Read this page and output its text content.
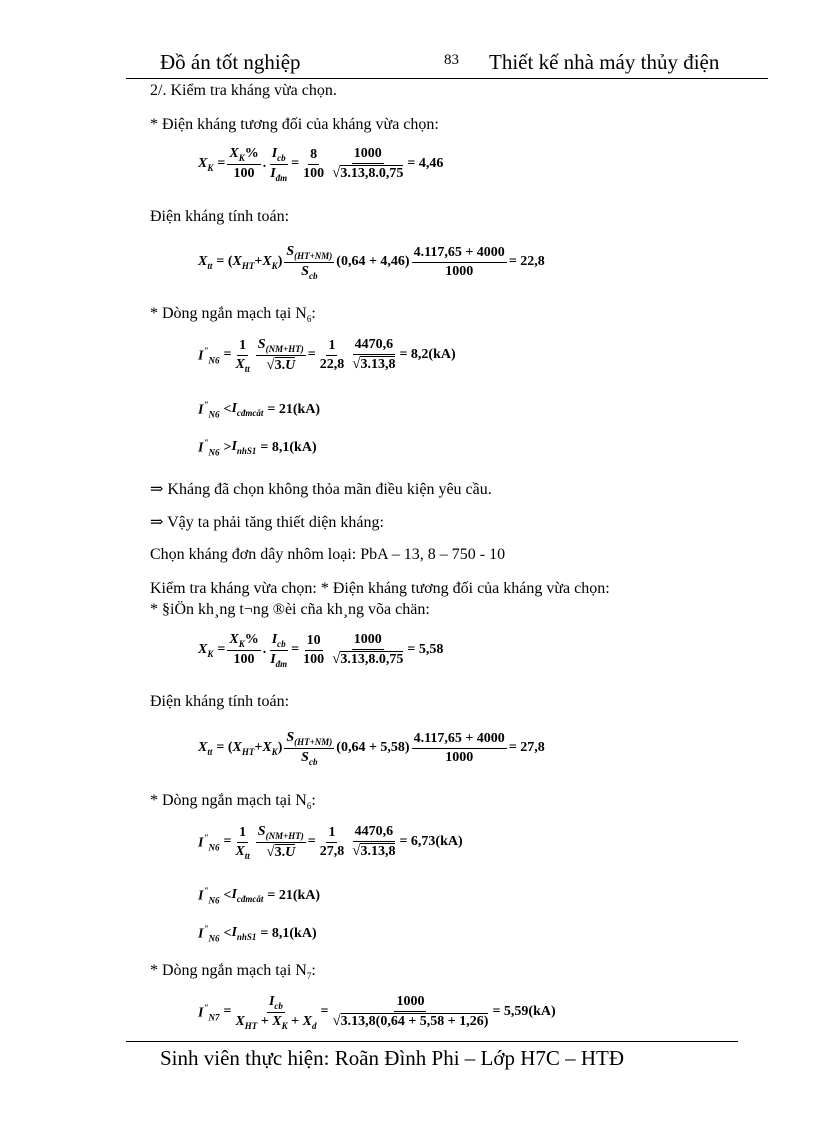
Đồ án tốt nghiệp	83 Thiết kế nhà máy thủy điện
2/. Kiểm tra kháng vừa chọn.
* Điện kháng tương đối của kháng vừa chọn:
$X_K = \frac{X_K\%}{100}$ . $\frac{I_{cb}}{I_{đm}} = \frac{8}{100} \frac{1000}{√ 3.13,8.0,75} = 4,46$
Điện kháng tính toán:
$X_{tt}$ = ( $X_{HT} + X_K$ ) $\frac{S_{(HT+NM)}}{S_{cb}} (0,64 + 4,46) \frac{4.117,65 + 4000}{1000} = 22,8$
* Dòng ngắn mạch tại $N_6$:
$I^"_{N6} = \frac{1}{X_{tt}} \frac{S_{(NM+HT)}}{√ 3.U} = \frac{1}{22,8} \frac{4470,6}{√ 3.13,8} = 8,2(kA)$
$I^"_{N6} < I_{cđmcắt} = 21(kA)$
$I^"_{N6} > I_{nhS1} = 8,1(kA)$
⇒ Kháng đã chọn không thỏa mãn điều kiện yêu cầu.
⇒ Vậy ta phải tăng thiết diện kháng:
Chọn kháng đơn dây nhôm loại: PbA – 13, 8 – 750 - 10
Kiểm tra kháng vừa chọn: * Điện kháng tương đối của kháng vừa chọn:
* §iÖn kh¸ng t¬ng ®èi cña kh¸ng võa chän:
$X_K = \frac{X_K\%}{100}$ . $\frac{I_{cb}}{I_{đm}} = \frac{10}{100} \frac{1000}{√ 3.13,8.0,75} = 5,58$
Điện kháng tính toán:
$X_{tt}$ = ( $X_{HT} + X_K$ ) $\frac{S_{(HT+NM)}}{S_{cb}} (0,64 + 5,58) \frac{4.117,65 + 4000}{1000} = 27,8$
* Dòng ngắn mạch tại $N_6$:
$I^"_{N6} = \frac{1}{X_{tt}} \frac{S_{(NM+HT)}}{√ 3.U} = \frac{1}{27,8} \frac{4470,6}{√ 3.13,8} = 6,73(kA)$
$I^"_{N6} < I_{cđmcắt} = 21(kA)$
$I^"_{N6} < I_{nhS1} = 8,1(kA)$
* Dòng ngắn mạch tại $N_7$:
$I^"_{N7} = \frac{I_{cb}}{X_{HT} + X_K + X_d} = \frac{1000}{√ 3.13,8(0,64 + 5,58 + 1,26)} = 5,59(kA)$
Sinh viên thực hiện: Roãn Đình Phi – Lớp H7C – HTĐ
